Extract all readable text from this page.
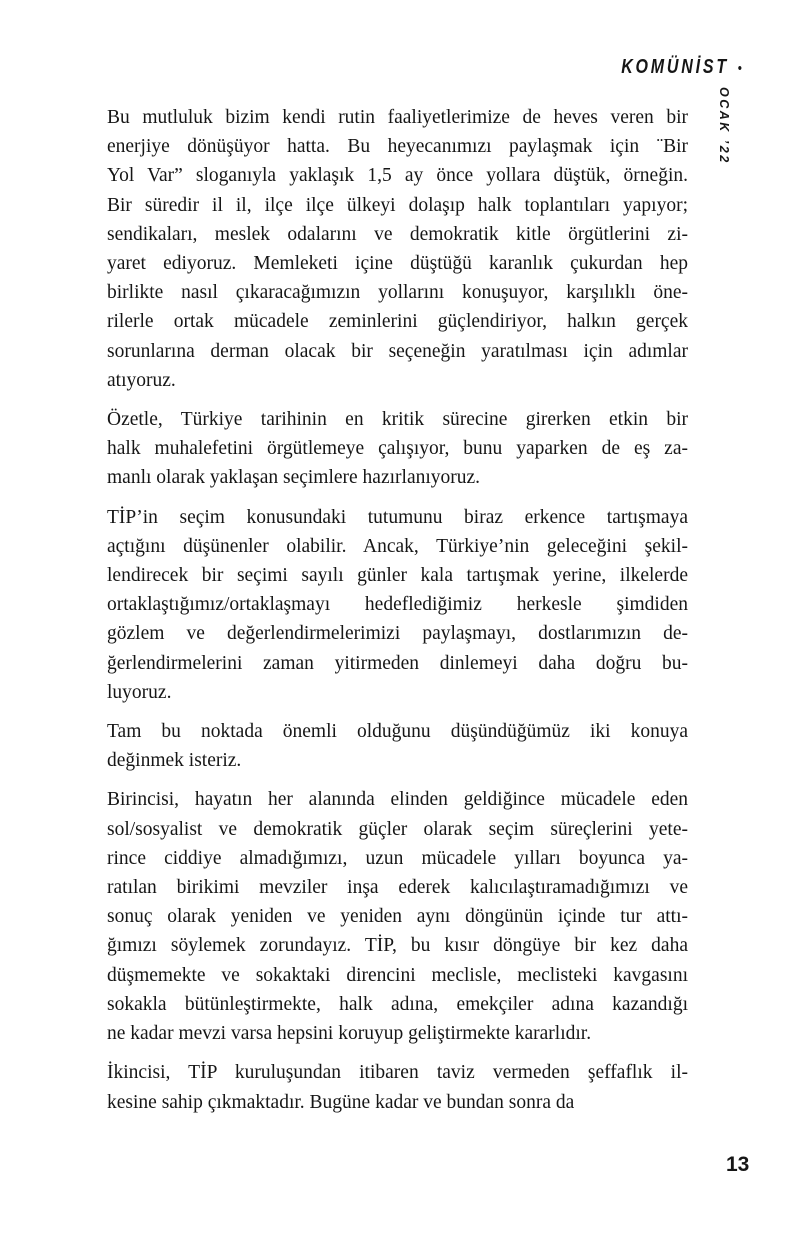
KOMÜNİST •
OCAK ’22

Bu mutluluk bizim kendi rutin faaliyetlerimize de heves veren bir
enerjiye dönüşüyor hatta. Bu heyecanımızı paylaşmak için ¨Bir
Yol Var” sloganıyla yaklaşık 1,5 ay önce yollara düştük, örneğin.
Bir süredir il il, ilçe ilçe ülkeyi dolaşıp halk toplantıları yapıyor;
sendikaları, meslek odalarını ve demokratik kitle örgütlerini zi-
yaret ediyoruz. Memleketi içine düştüğü karanlık çukurdan hep
birlikte nasıl çıkaracağımızın yollarını konuşuyor, karşılıklı öne-
rilerle ortak mücadele zeminlerini güçlendiriyor, halkın gerçek
sorunlarına derman olacak bir seçeneğin yaratılması için adımlar
atıyoruz.

Özetle, Türkiye tarihinin en kritik sürecine girerken etkin bir
halk muhalefetini örgütlemeye çalışıyor, bunu yaparken de eş za-
manlı olarak yaklaşan seçimlere hazırlanıyoruz.

TİP’in seçim konusundaki tutumunu biraz erkence tartışmaya
açtığını düşünenler olabilir. Ancak, Türkiye’nin geleceğini şekil-
lendirecek bir seçimi sayılı günler kala tartışmak yerine, ilkelerde
ortaklaştığımız/ortaklaşmayı hedeflediğimiz herkesle şimdiden
gözlem ve değerlendirmelerimizi paylaşmayı, dostlarımızın de-
ğerlendirmelerini zaman yitirmeden dinlemeyi daha doğru bu-
luyoruz.

Tam bu noktada önemli olduğunu düşündüğümüz iki konuya
değinmek isteriz.

Birincisi, hayatın her alanında elinden geldiğince mücadele eden
sol/sosyalist ve demokratik güçler olarak seçim süreçlerini yete-
rince ciddiye almadığımızı, uzun mücadele yılları boyunca ya-
ratılan birikimi mevziler inşa ederek kalıcılaştıramadığımızı ve
sonuç olarak yeniden ve yeniden aynı döngünün içinde tur attı-
ğımızı söylemek zorundayız. TİP, bu kısır döngüye bir kez daha
düşmemekte ve sokaktaki direncini meclisle, meclisteki kavgasını
sokakla bütünleştirmekte, halk adına, emekçiler adına kazandığı
ne kadar mevzi varsa hepsini koruyup geliştirmekte kararlıdır.

İkincisi, TİP kuruluşundan itibaren taviz vermeden şeffaflık il-
kesine sahip çıkmaktadır. Bugüne kadar ve bundan sonra da

13
